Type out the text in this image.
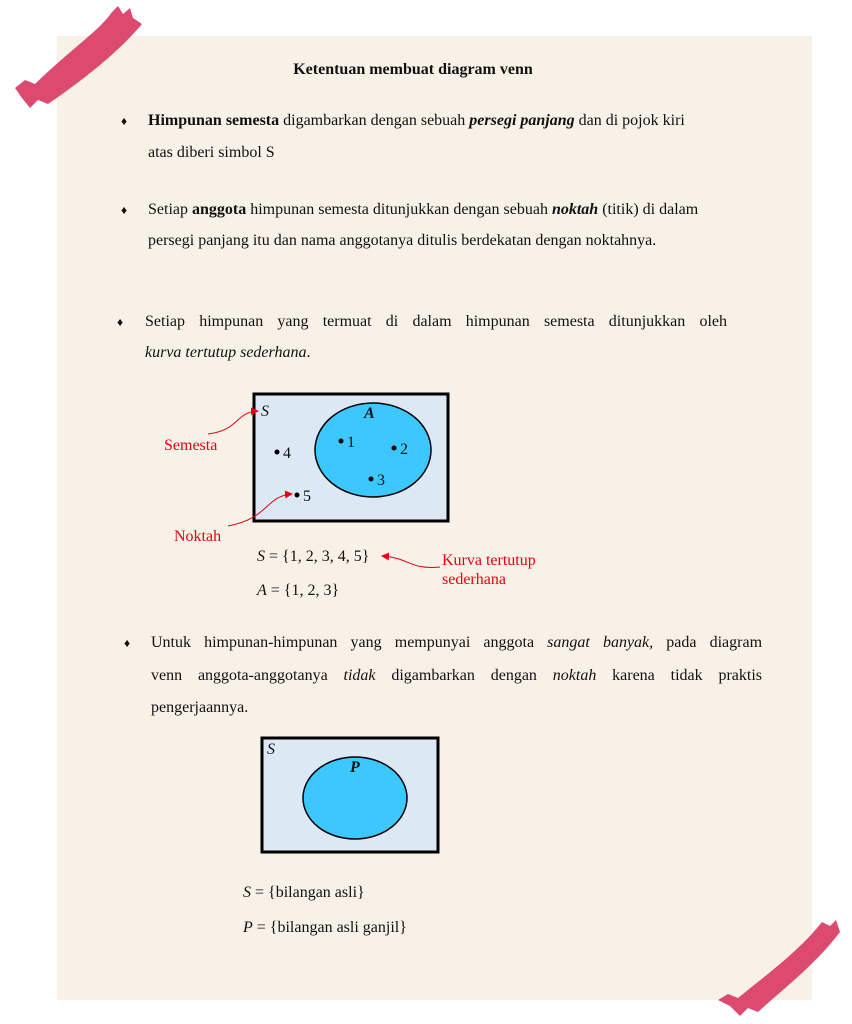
Ketentuan membuat diagram venn
♦ Himpunan semesta digambarkan dengan sebuah persegi panjang dan di pojok kiri
atas diberi simbol S
♦ Setiap anggota himpunan semesta ditunjukkan dengan sebuah noktah (titik) di dalam
persegi panjang itu dan nama anggotanya ditulis berdekatan dengan noktahnya.
♦ Setiap himpunan yang termuat di dalam himpunan semesta ditunjukkan oleh
kurva tertutup sederhana.
S	A
1	2
3
4
5
Semesta
Noktah
Kurva tertutup
sederhana
S = {1, 2, 3, 4, 5}
A = {1, 2, 3}
♦ Untuk himpunan-himpunan yang mempunyai anggota sangat banyak, pada diagram
venn anggota-anggotanya tidak digambarkan dengan noktah karena tidak praktis
pengerjaannya.
S
P
S = {bilangan asli}
P = {bilangan asli ganjil}
